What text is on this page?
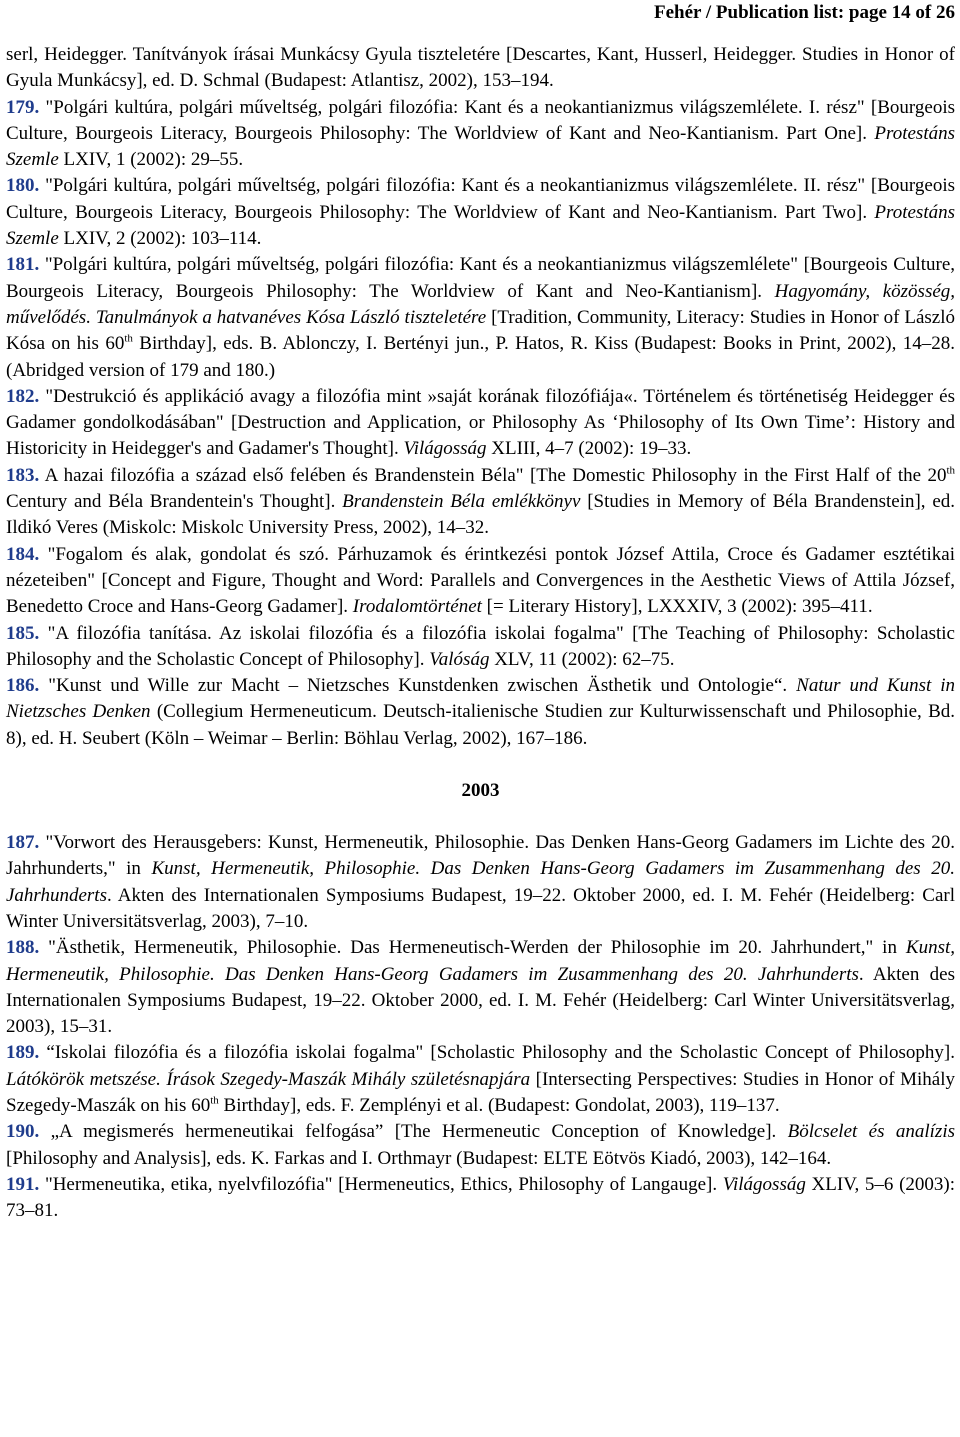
Fehér / Publication list: page 14 of 26
serl, Heidegger. Tanítványok írásai Munkácsy Gyula tiszteletére [Descartes, Kant, Husserl, Heidegger. Studies in Honor of Gyula Munkácsy], ed. D. Schmal (Budapest: Atlantisz, 2002), 153–194.
179. "Polgári kultúra, polgári műveltség, polgári filozófia: Kant és a neokantianizmus világszemlélete. I. rész" [Bourgeois Culture, Bourgeois Literacy, Bourgeois Philosophy: The Worldview of Kant and Neo-Kantianism. Part One]. Protestáns Szemle LXIV, 1 (2002): 29–55.
180. "Polgári kultúra, polgári műveltség, polgári filozófia: Kant és a neokantianizmus világszemlélete. II. rész" [Bourgeois Culture, Bourgeois Literacy, Bourgeois Philosophy: The Worldview of Kant and Neo-Kantianism. Part Two]. Protestáns Szemle LXIV, 2 (2002): 103–114.
181. "Polgári kultúra, polgári műveltség, polgári filozófia: Kant és a neokantianizmus világszemlélete" [Bourgeois Culture, Bourgeois Literacy, Bourgeois Philosophy: The Worldview of Kant and Neo-Kantianism]. Hagyomány, közösség, művelődés. Tanulmányok a hatvanéves Kósa László tiszteletére [Tradition, Community, Literacy: Studies in Honor of László Kósa on his 60th Birthday], eds. B. Ablonczy, I. Bertényi jun., P. Hatos, R. Kiss (Budapest: Books in Print, 2002), 14–28. (Abridged version of 179 and 180.)
182. "Destrukció és applikáció avagy a filozófia mint »saját korának filozófiája«. Történelem és történetiség Heidegger és Gadamer gondolkodásában" [Destruction and Application, or Philosophy As ‘Philosophy of Its Own Time’: History and Historicity in Heidegger's and Gadamer's Thought]. Világosság XLIII, 4–7 (2002): 19–33.
183. A hazai filozófia a század első felében és Brandenstein Béla" [The Domestic Philosophy in the First Half of the 20th Century and Béla Brandentein's Thought]. Brandenstein Béla emlékkönyv [Studies in Memory of Béla Brandenstein], ed. Ildikó Veres (Miskolc: Miskolc University Press, 2002), 14–32.
184. "Fogalom és alak, gondolat és szó. Párhuzamok és érintkezési pontok József Attila, Croce és Gadamer esztétikai nézeteiben" [Concept and Figure, Thought and Word: Parallels and Convergences in the Aesthetic Views of Attila József, Benedetto Croce and Hans-Georg Gadamer]. Irodalomtörténet [= Literary History], LXXXIV, 3 (2002): 395–411.
185. "A filozófia tanítása. Az iskolai filozófia és a filozófia iskolai fogalma" [The Teaching of Philosophy: Scholastic Philosophy and the Scholastic Concept of Philosophy]. Valóság XLV, 11 (2002): 62–75.
186. "Kunst und Wille zur Macht – Nietzsches Kunstdenken zwischen Ästhetik und Ontologie“. Natur und Kunst in Nietzsches Denken (Collegium Hermeneuticum. Deutsch-italienische Studien zur Kulturwissenschaft und Philosophie, Bd. 8), ed. H. Seubert (Köln – Weimar – Berlin: Böhlau Verlag, 2002), 167–186.
2003
187. "Vorwort des Herausgebers: Kunst, Hermeneutik, Philosophie. Das Denken Hans-Georg Gadamers im Lichte des 20. Jahrhunderts," in Kunst, Hermeneutik, Philosophie. Das Denken Hans-Georg Gadamers im Zusammenhang des 20. Jahrhunderts. Akten des Internationalen Symposiums Budapest, 19–22. Oktober 2000, ed. I. M. Fehér (Heidelberg: Carl Winter Universitätsverlag, 2003), 7–10.
188. "Ästhetik, Hermeneutik, Philosophie. Das Hermeneutisch-Werden der Philosophie im 20. Jahrhundert," in Kunst, Hermeneutik, Philosophie. Das Denken Hans-Georg Gadamers im Zusammenhang des 20. Jahrhunderts. Akten des Internationalen Symposiums Budapest, 19–22. Oktober 2000, ed. I. M. Fehér (Heidelberg: Carl Winter Universitätsverlag, 2003), 15–31.
189. “Iskolai filozófia és a filozófia iskolai fogalma" [Scholastic Philosophy and the Scholastic Concept of Philosophy]. Látókörök metszése. Írások Szegedy-Maszák Mihály születésnapjára [Intersecting Perspectives: Studies in Honor of Mihály Szegedy-Maszák on his 60th Birthday], eds. F. Zemplényi et al. (Budapest: Gondolat, 2003), 119–137.
190. „A megismerés hermeneutikai felfogása” [The Hermeneutic Conception of Knowledge]. Bölcselet és analízis [Philosophy and Analysis], eds. K. Farkas and I. Orthmayr (Budapest: ELTE Eötvös Kiadó, 2003), 142–164.
191. "Hermeneutika, etika, nyelvfilozófia" [Hermeneutics, Ethics, Philosophy of Langauge]. Világosság XLIV, 5–6 (2003): 73–81.
